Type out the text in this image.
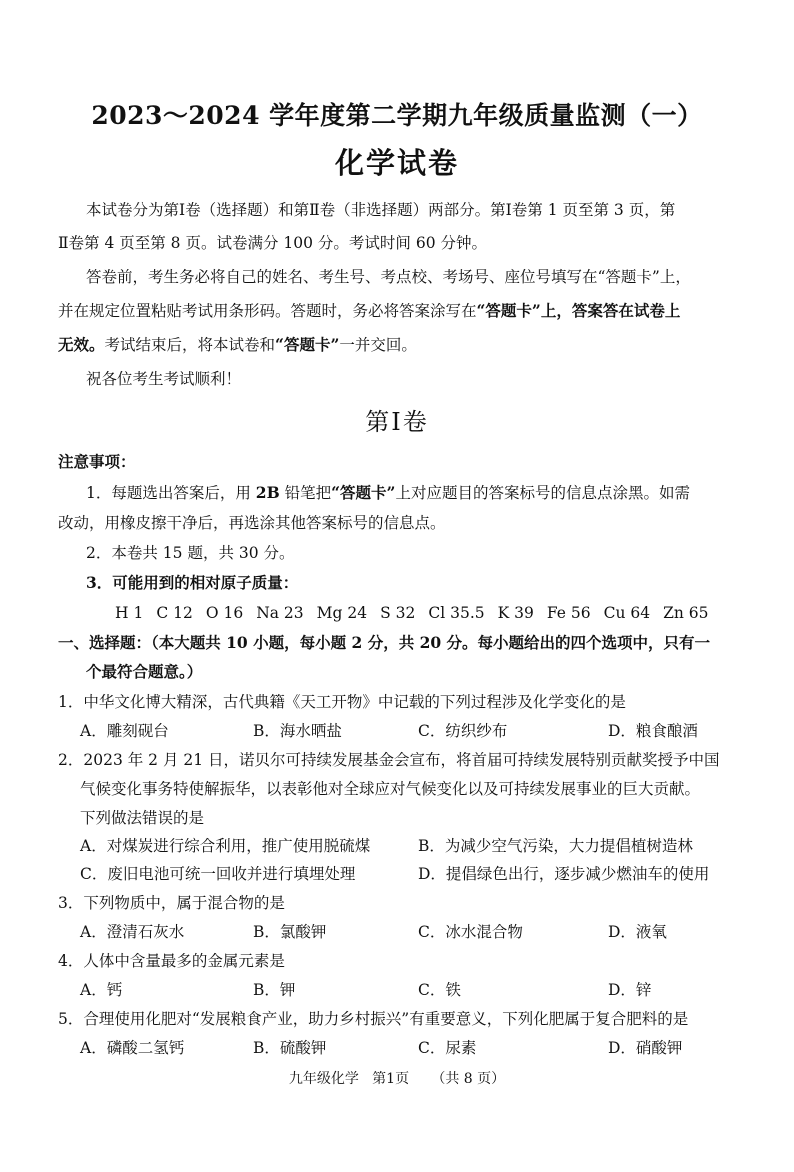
2023～2024 学年度第二学期九年级质量监测（一）
化学试卷
本试卷分为第Ⅰ卷（选择题）和第Ⅱ卷（非选择题）两部分。第Ⅰ卷第 1 页至第 3 页，第
Ⅱ卷第 4 页至第 8 页。试卷满分 100 分。考试时间 60 分钟。
答卷前，考生务必将自己的姓名、考生号、考点校、考场号、座位号填写在“答题卡”上，
并在规定位置粘贴考试用条形码。答题时，务必将答案涂写在“答题卡”上，答案答在试卷上
无效。考试结束后，将本试卷和“答题卡”一并交回。
祝各位考生考试顺利！
第Ⅰ卷
注意事项：
1．每题选出答案后，用 2B 铅笔把“答题卡”上对应题目的答案标号的信息点涂黑。如需
改动，用橡皮擦干净后，再选涂其他答案标号的信息点。
2．本卷共 15 题，共 30 分。
3．可能用到的相对原子质量：
H 1 C 12 O 16 Na 23 Mg 24 S 32 Cl 35.5 K 39 Fe 56 Cu 64 Zn 65
一、选择题：（本大题共 10 小题，每小题 2 分，共 20 分。每小题给出的四个选项中，只有一
个最符合题意。）
1．中华文化博大精深，古代典籍《天工开物》中记载的下列过程涉及化学变化的是
A．雕刻砚台	B．海水晒盐	C．纺织纱布	D．粮食酿酒
2．2023 年 2 月 21 日，诺贝尔可持续发展基金会宣布，将首届可持续发展特别贡献奖授予中国
气候变化事务特使解振华，以表彰他对全球应对气候变化以及可持续发展事业的巨大贡献。
下列做法错误的是
A．对煤炭进行综合利用，推广使用脱硫煤	B．为减少空气污染，大力提倡植树造林
C．废旧电池可统一回收并进行填埋处理	D．提倡绿色出行，逐步减少燃油车的使用
3．下列物质中，属于混合物的是
A．澄清石灰水	B．氯酸钾	C．冰水混合物	D．液氧
4．人体中含量最多的金属元素是
A．钙	B．钾	C．铁	D．锌
5．合理使用化肥对“发展粮食产业，助力乡村振兴”有重要意义，下列化肥属于复合肥料的是
A．磷酸二氢钙	B．硫酸钾	C．尿素	D．硝酸钾
九年级化学   第1页     （共 8 页）
